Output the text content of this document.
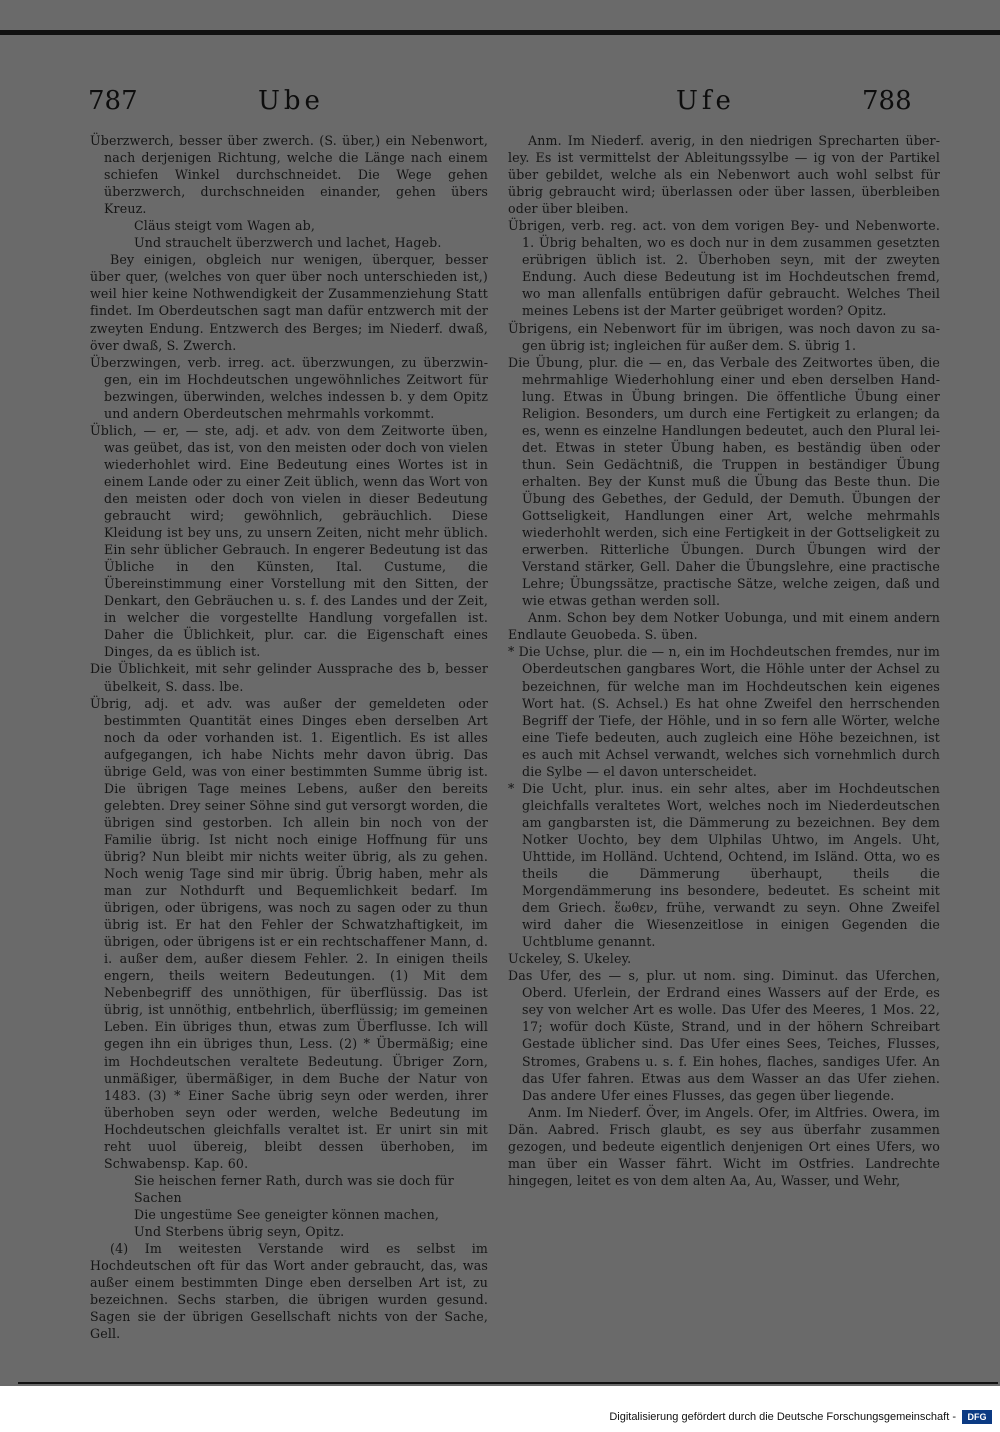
787	Ube	Ufe	788

Überzwerch, besser über zwerch. (S. über,) ein Nebenwort, nach derjenigen Richtung, welche die Länge nach einem schiefen Winkel durchschneidet. Die Wege gehen überzwerch, durchschneiden einander, gehen übers Kreuz.

Cläus steigt vom Wagen ab,

Und strauchelt überzwerch und lachet, Hageb.

Bey einigen, obgleich nur wenigen, überquer, besser über quer, (welches von quer über noch unterschieden ist,) weil hier keine Nothwendigkeit der Zusammenziehung Statt findet. Im Oberdeutschen sagt man dafür entzwerch mit der zweyten Endung. Entzwerch des Berges; im Niederf. dwaß, över dwaß, S. Zwerch.

Überzwingen, verb. irreg. act. überzwungen, zu überzwingen, ein im Hochdeutschen ungewöhnliches Zeitwort für bezwingen, überwinden, welches indessen b. y dem Opitz und andern Oberdeutschen mehrmahls vorkommt.

Üblich, — er, — ste, adj. et adv. von dem Zeitworte üben, was geübet, das ist, von den meisten oder doch von vielen wiederhohlet wird. Eine Bedeutung eines Wortes ist in einem Lande oder zu einer Zeit üblich, wenn das Wort von den meisten oder doch von vielen in dieser Bedeutung gebraucht wird; gewöhnlich, gebräuchlich. Diese Kleidung ist bey uns, zu unsern Zeiten, nicht mehr üblich. Ein sehr üblicher Gebrauch. In engerer Bedeutung ist das Übliche in den Künsten, Ital. Custume, die Übereinstimmung einer Vorstellung mit den Sitten, der Denkart, den Gebräuchen u. s. f. des Landes und der Zeit, in welcher die vorgestellte Handlung vorgefallen ist. Daher die Üblichkeit, plur. car. die Eigenschaft eines Dinges, da es üblich ist.

Die Üblichkeit, mit sehr gelinder Aussprache des b, besser übelkeit, S. dass. lbe.

Übrig, adj. et adv. was außer der gemeldeten oder bestimmten Quantität eines Dinges eben derselben Art noch da oder vorhanden ist. 1. Eigentlich. Es ist alles aufgegangen, ich habe Nichts mehr davon übrig. Das übrige Geld, was von einer bestimmten Summe übrig ist. Die übrigen Tage meines Lebens, außer den bereits gelebten. Drey seiner Söhne sind gut versorgt worden, die übrigen sind gestorben. Ich allein bin noch von der Familie übrig. Ist nicht noch einige Hoffnung für uns übrig? Nun bleibt mir nichts weiter übrig, als zu gehen. Noch wenig Tage sind mir übrig. Übrig haben, mehr als man zur Nothdurft und Bequemlichkeit bedarf. Im übrigen, oder übrigens, was noch zu sagen oder zu thun übrig ist. Er hat den Fehler der Schwatzhaftigkeit, im übrigen, oder übrigens ist er ein rechtschaffener Mann, d. i. außer dem, außer diesem Fehler. 2. In einigen theils engern, theils weitern Bedeutungen. (1) Mit dem Nebenbegriff des unnöthigen, für überflüssig. Das ist übrig, ist unnöthig, entbehrlich, überflüssig; im gemeinen Leben. Ein übriges thun, etwas zum Überflusse. Ich will gegen ihn ein übriges thun, Less. (2) * Übermäßig; eine im Hochdeutschen veraltete Bedeutung. Übriger Zorn, unmäßiger, übermäßiger, in dem Buche der Natur von 1483. (3) * Einer Sache übrig seyn oder werden, ihrer überhoben seyn oder werden, welche Bedeutung im Hochdeutschen gleichfalls veraltet ist. Er unirt sin mit reht uuol übereig, bleibt dessen überhoben, im Schwabensp. Kap. 60.

Sie heischen ferner Rath, durch was sie doch für Sachen

Die ungestüme See geneigter können machen,

Und Sterbens übrig seyn, Opitz.

(4) Im weitesten Verstande wird es selbst im Hochdeutschen oft für das Wort ander gebraucht, das, was außer einem bestimmten Dinge eben derselben Art ist, zu bezeichnen. Sechs starben, die übrigen wurden gesund. Sagen sie der übrigen Gesellschaft nichts von der Sache, Gell.

Anm. Im Niederf. averig, in den niedrigen Sprecharten überley. Es ist vermittelst der Ableitungssylbe — ig von der Partikel über gebildet, welche als ein Nebenwort auch wohl selbst für übrig gebraucht wird; überlassen oder über lassen, überbleiben oder über bleiben.

Übrigen, verb. reg. act. von dem vorigen Bey- und Nebenworte. 1. Übrig behalten, wo es doch nur in dem zusammen gesetzten erübrigen üblich ist. 2. Überhoben seyn, mit der zweyten Endung. Auch diese Bedeutung ist im Hochdeutschen fremd, wo man allenfalls entübrigen dafür gebraucht. Welches Theil meines Lebens ist der Marter geübriget worden? Opitz.

Übrigens, ein Nebenwort für im übrigen, was noch davon zu sagen übrig ist; ingleichen für außer dem. S. übrig 1.

Die Übung, plur. die — en, das Verbale des Zeitwortes üben, die mehrmahlige Wiederhohlung einer und eben derselben Handlung. Etwas in Übung bringen. Die öffentliche Übung einer Religion. Besonders, um durch eine Fertigkeit zu erlangen; da es, wenn es einzelne Handlungen bedeutet, auch den Plural leidet. Etwas in steter Übung haben, es beständig üben oder thun. Sein Gedächtniß, die Truppen in beständiger Übung erhalten. Bey der Kunst muß die Übung das Beste thun. Die Übung des Gebethes, der Geduld, der Demuth. Übungen der Gottseligkeit, Handlungen einer Art, welche mehrmahls wiederhohlt werden, sich eine Fertigkeit in der Gottseligkeit zu erwerben. Ritterliche Übungen. Durch Übungen wird der Verstand stärker, Gell. Daher die Übungslehre, eine practische Lehre; Übungssätze, practische Sätze, welche zeigen, daß und wie etwas gethan werden soll.

Anm. Schon bey dem Notker Uobunga, und mit einem andern Endlaute Geuobeda. S. üben.

* Die Uchse, plur. die — n, ein im Hochdeutschen fremdes, nur im Oberdeutschen gangbares Wort, die Höhle unter der Achsel zu bezeichnen, für welche man im Hochdeutschen kein eigenes Wort hat. (S. Achsel.) Es hat ohne Zweifel den herrschenden Begriff der Tiefe, der Höhle, und in so fern alle Wörter, welche eine Tiefe bedeuten, auch zugleich eine Höhe bezeichnen, ist es auch mit Achsel verwandt, welches sich vornehmlich durch die Sylbe — el davon unterscheidet.

* Die Ucht, plur. inus. ein sehr altes, aber im Hochdeutschen gleichfalls veraltetes Wort, welches noch im Niederdeutschen am gangbarsten ist, die Dämmerung zu bezeichnen. Bey dem Notker Uochto, bey dem Ulphilas Uhtwo, im Angels. Uht, Uhttide, im Holländ. Uchtend, Ochtend, im Isländ. Otta, wo es theils die Dämmerung überhaupt, theils die Morgendämmerung ins besondere, bedeutet. Es scheint mit dem Griech. ἕωθεν, frühe, verwandt zu seyn. Ohne Zweifel wird daher die Wiesenzeitlose in einigen Gegenden die Uchtblume genannt.

Uckeley, S. Ukeley.

Das Ufer, des — s, plur. ut nom. sing. Diminut. das Uferchen, Oberd. Uferlein, der Erdrand eines Wassers auf der Erde, es sey von welcher Art es wolle. Das Ufer des Meeres, 1 Mos. 22, 17; wofür doch Küste, Strand, und in der höhern Schreibart Gestade üblicher sind. Das Ufer eines Sees, Teiches, Flusses, Stromes, Grabens u. s. f. Ein hohes, flaches, sandiges Ufer. An das Ufer fahren. Etwas aus dem Wasser an das Ufer ziehen. Das andere Ufer eines Flusses, das gegen über liegende.

Anm. Im Niederf. Över, im Angels. Ofer, im Altfries. Owera, im Dän. Aabred. Frisch glaubt, es sey aus überfahr zusammen gezogen, und bedeute eigentlich denjenigen Ort eines Ufers, wo man über ein Wasser fährt. Wicht im Ostfries. Landrechte hingegen, leitet es von dem alten Aa, Au, Wasser, und Wehr,

Digitalisierung gefördert durch die Deutsche Forschungsgemeinschaft -	DFG
